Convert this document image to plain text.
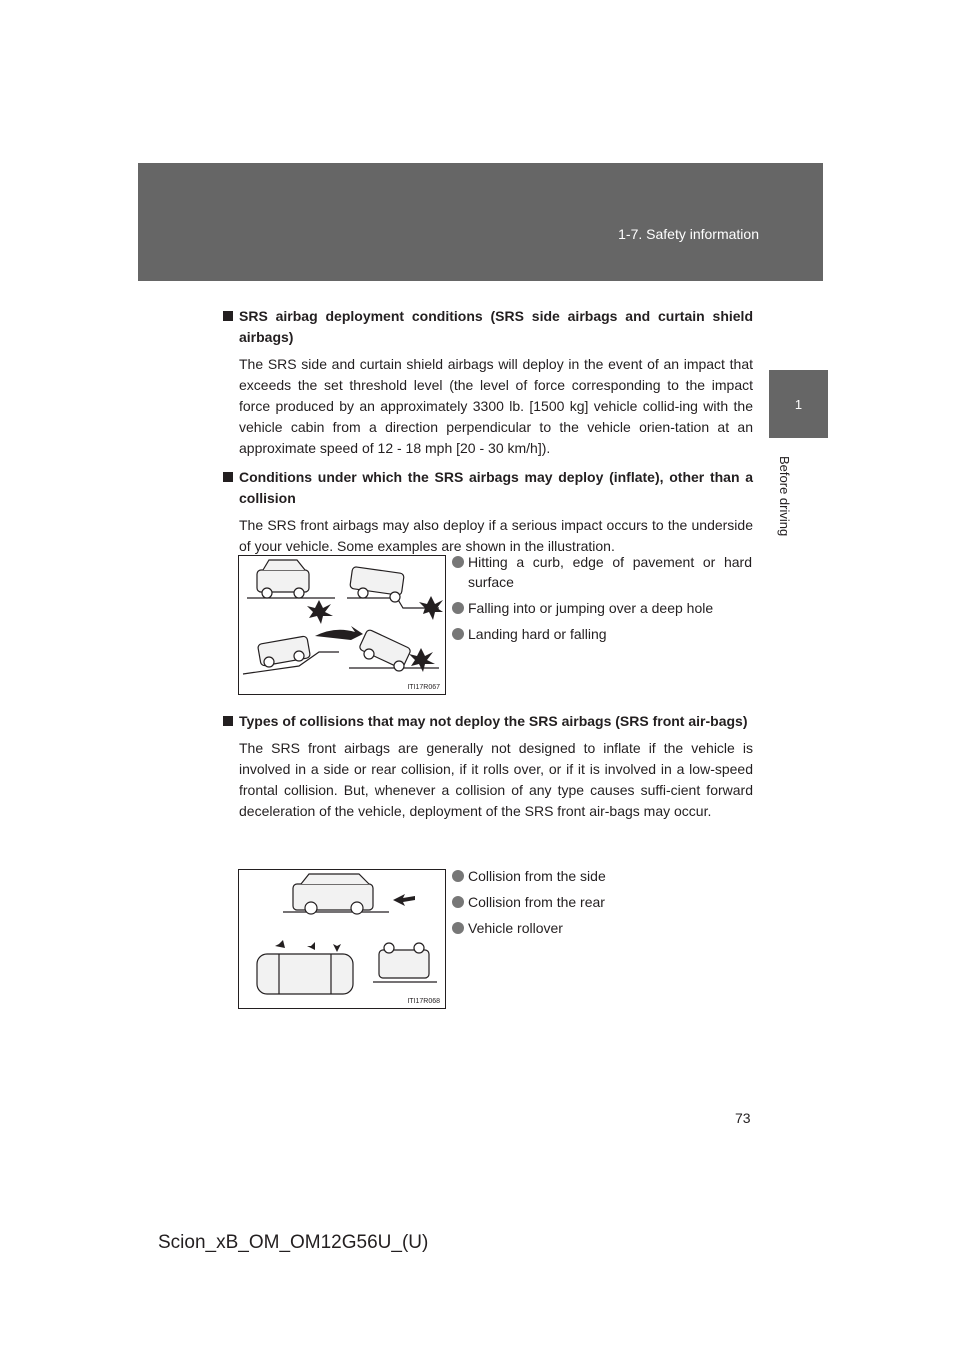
1-7. Safety information
1
Before driving
SRS airbag deployment conditions (SRS side airbags and curtain shield airbags)
The SRS side and curtain shield airbags will deploy in the event of an impact that exceeds the set threshold level (the level of force corresponding to the impact force produced by an approximately 3300 lb. [1500 kg] vehicle collid-ing with the vehicle cabin from a direction perpendicular to the vehicle orien-tation at an approximate speed of 12 - 18 mph [20 - 30 km/h]).
Conditions under which the SRS airbags may deploy (inflate), other than a collision
The SRS front airbags may also deploy if a serious impact occurs to the underside of your vehicle. Some examples are shown in the illustration.
ITI17R067
Hitting a curb, edge of pavement or hard surface
Falling into or jumping over a deep hole
Landing hard or falling
Types of collisions that may not deploy the SRS airbags (SRS front air-bags)
The SRS front airbags are generally not designed to inflate if the vehicle is involved in a side or rear collision, if it rolls over, or if it is involved in a low-speed frontal collision. But, whenever a collision of any type causes suffi-cient forward deceleration of the vehicle, deployment of the SRS front air-bags may occur.
ITI17R068
Collision from the side
Collision from the rear
Vehicle rollover
73
Scion_xB_OM_OM12G56U_(U)
